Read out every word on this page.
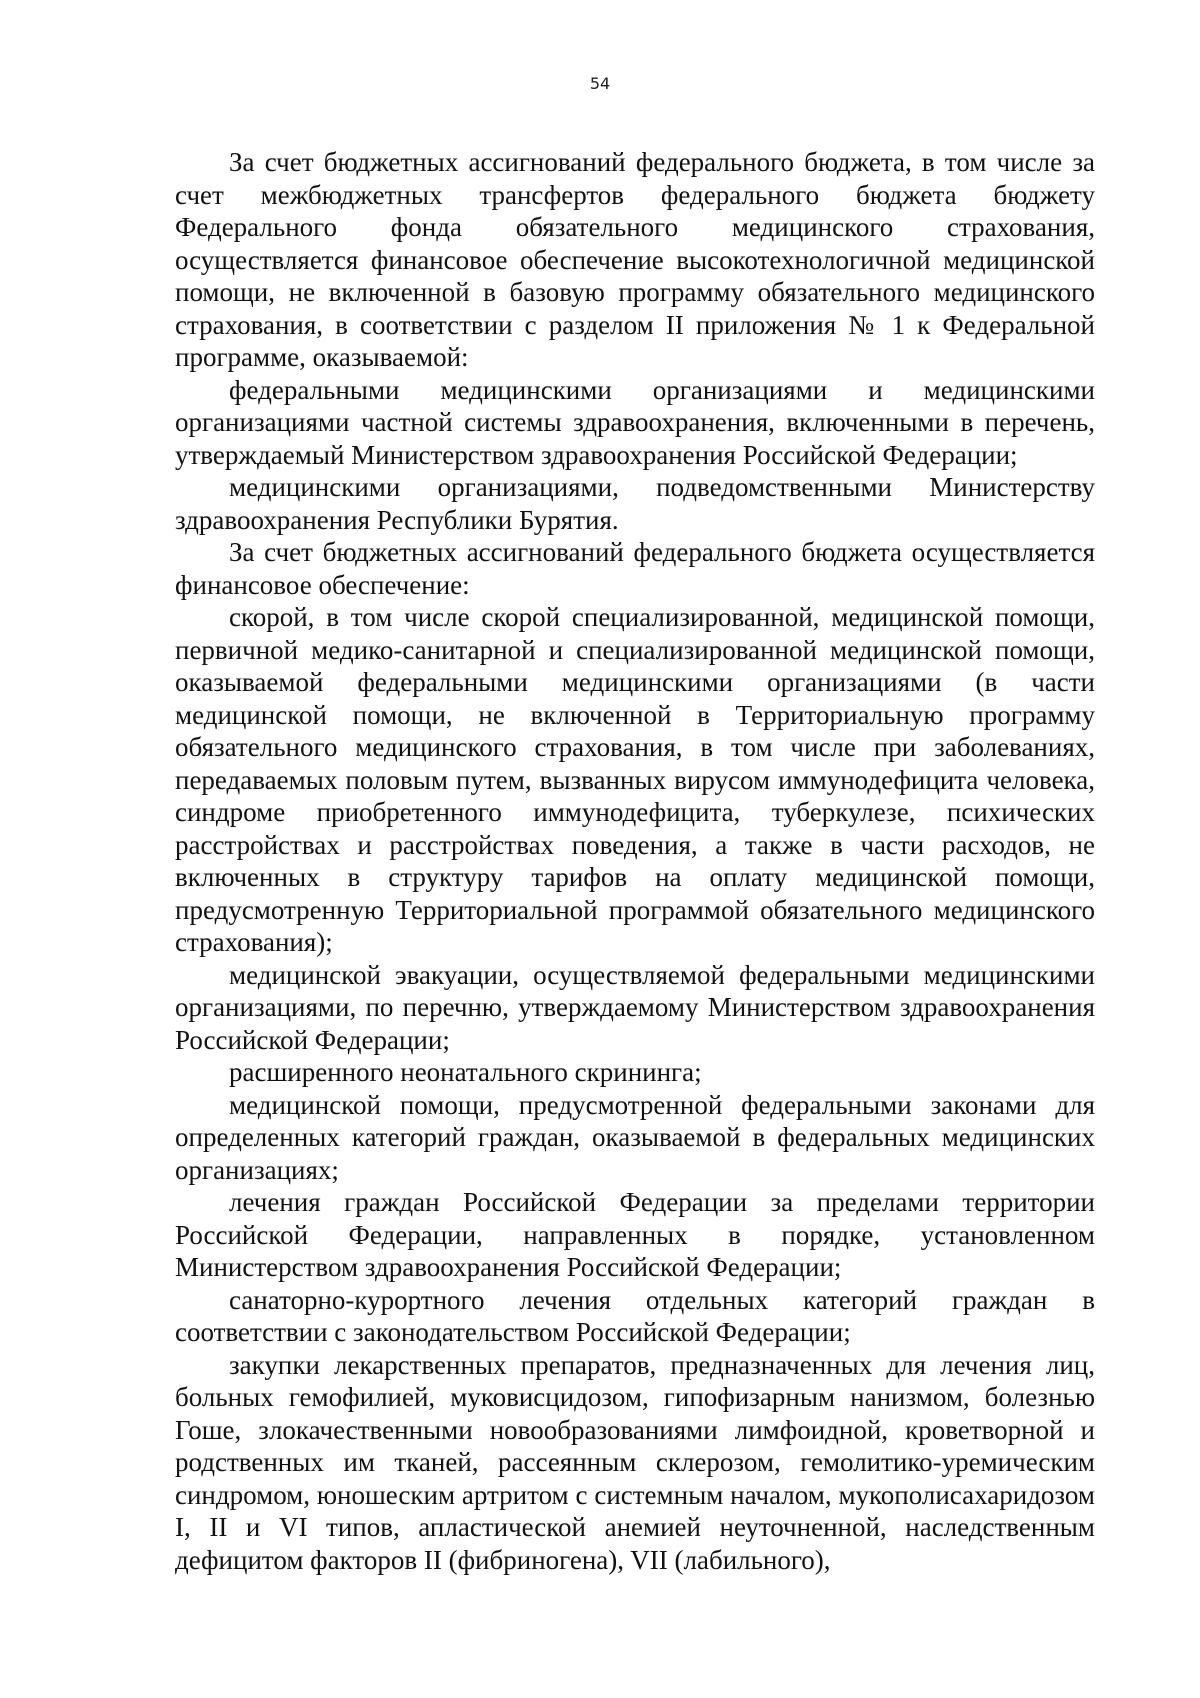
54

За счет бюджетных ассигнований федерального бюджета, в том числе за счет межбюджетных трансфертов федерального бюджета бюджету Федерального фонда обязательного медицинского страхования, осуществляется финансовое обеспечение высокотехнологичной медицинской помощи, не включенной в базовую программу обязательного медицинского страхования, в соответствии с разделом II приложения № 1 к Федеральной программе, оказываемой:

федеральными медицинскими организациями и медицинскими организациями частной системы здравоохранения, включенными в перечень, утверждаемый Министерством здравоохранения Российской Федерации;

медицинскими организациями, подведомственными Министерству здравоохранения Республики Бурятия.

За счет бюджетных ассигнований федерального бюджета осуществляется финансовое обеспечение:

скорой, в том числе скорой специализированной, медицинской помощи, первичной медико-санитарной и специализированной медицинской помощи, оказываемой федеральными медицинскими организациями (в части медицинской помощи, не включенной в Территориальную программу обязательного медицинского страхования, в том числе при заболеваниях, передаваемых половым путем, вызванных вирусом иммунодефицита человека, синдроме приобретенного иммунодефицита, туберкулезе, психических расстройствах и расстройствах поведения, а также в части расходов, не включенных в структуру тарифов на оплату медицинской помощи, предусмотренную Территориальной программой обязательного медицинского страхования);

медицинской эвакуации, осуществляемой федеральными медицинскими организациями, по перечню, утверждаемому Министерством здравоохранения Российской Федерации;

расширенного неонатального скрининга;

медицинской помощи, предусмотренной федеральными законами для определенных категорий граждан, оказываемой в федеральных медицинских организациях;

лечения граждан Российской Федерации за пределами территории Российской Федерации, направленных в порядке, установленном Министерством здравоохранения Российской Федерации;

санаторно-курортного лечения отдельных категорий граждан в соответствии с законодательством Российской Федерации;

закупки лекарственных препаратов, предназначенных для лечения лиц, больных гемофилией, муковисцидозом, гипофизарным нанизмом, болезнью Гоше, злокачественными новообразованиями лимфоидной, кроветворной и родственных им тканей, рассеянным склерозом, гемолитико-уремическим синдромом, юношеским артритом с системным началом, мукополисахаридозом I, II и VI типов, апластической анемией неуточненной, наследственным дефицитом факторов II (фибриногена), VII (лабильного),
